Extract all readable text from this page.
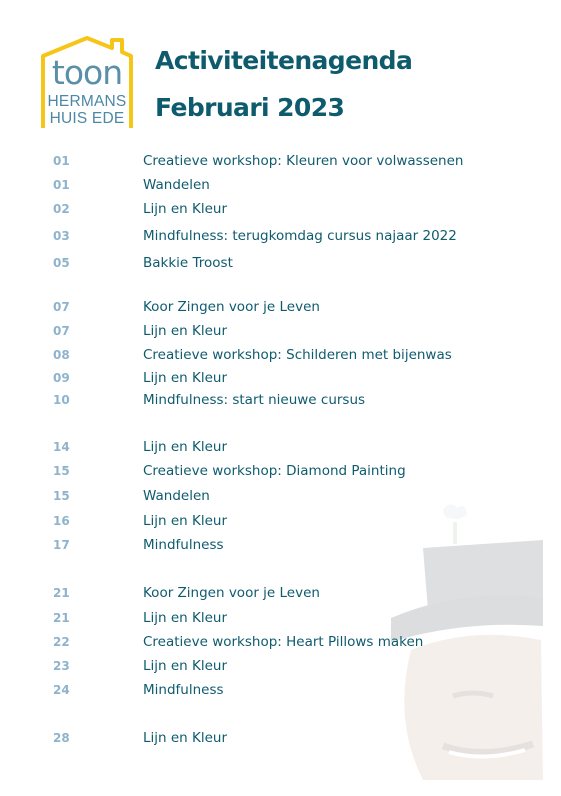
toon
HERMANS
HUIS EDE
Activiteitenagenda
Februari 2023
01	Creatieve workshop: Kleuren voor volwassenen
01	Wandelen
02	Lijn en Kleur
03	Mindfulness: terugkomdag cursus najaar 2022
05	Bakkie Troost
07	Koor Zingen voor je Leven
07	Lijn en Kleur
08	Creatieve workshop: Schilderen met bijenwas
09	Lijn en Kleur
10	Mindfulness: start nieuwe cursus
14	Lijn en Kleur
15	Creatieve workshop: Diamond Painting
15	Wandelen
16	Lijn en Kleur
17	Mindfulness
21	Koor Zingen voor je Leven
21	Lijn en Kleur
22	Creatieve workshop: Heart Pillows maken
23	Lijn en Kleur
24	Mindfulness
28	Lijn en Kleur
